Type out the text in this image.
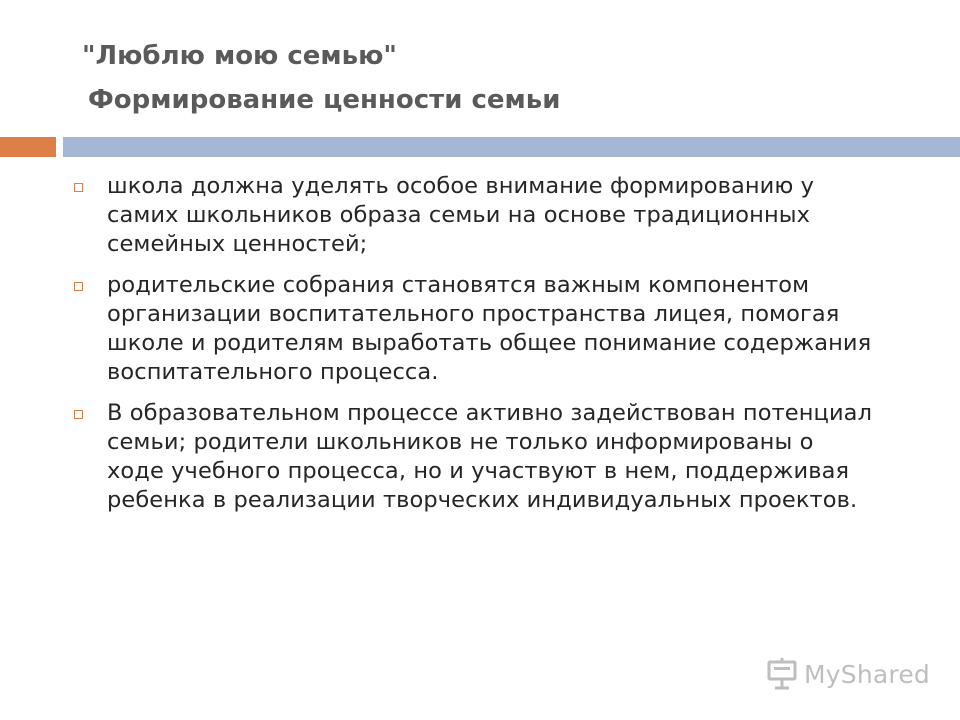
"Люблю мою семью"
Формирование ценности семьи
школа должна уделять особое внимание формированию у самих школьников образа семьи на основе традиционных семейных ценностей;
родительские собрания становятся важным компонентом организации воспитательного пространства лицея, помогая школе и родителям выработать общее понимание содержания воспитательного процесса.
В образовательном процессе активно задействован потенциал семьи; родители школьников не только информированы о ходе учебного процесса, но и участвуют в нем, поддерживая ребенка в реализации творческих индивидуальных проектов.
MyShared
